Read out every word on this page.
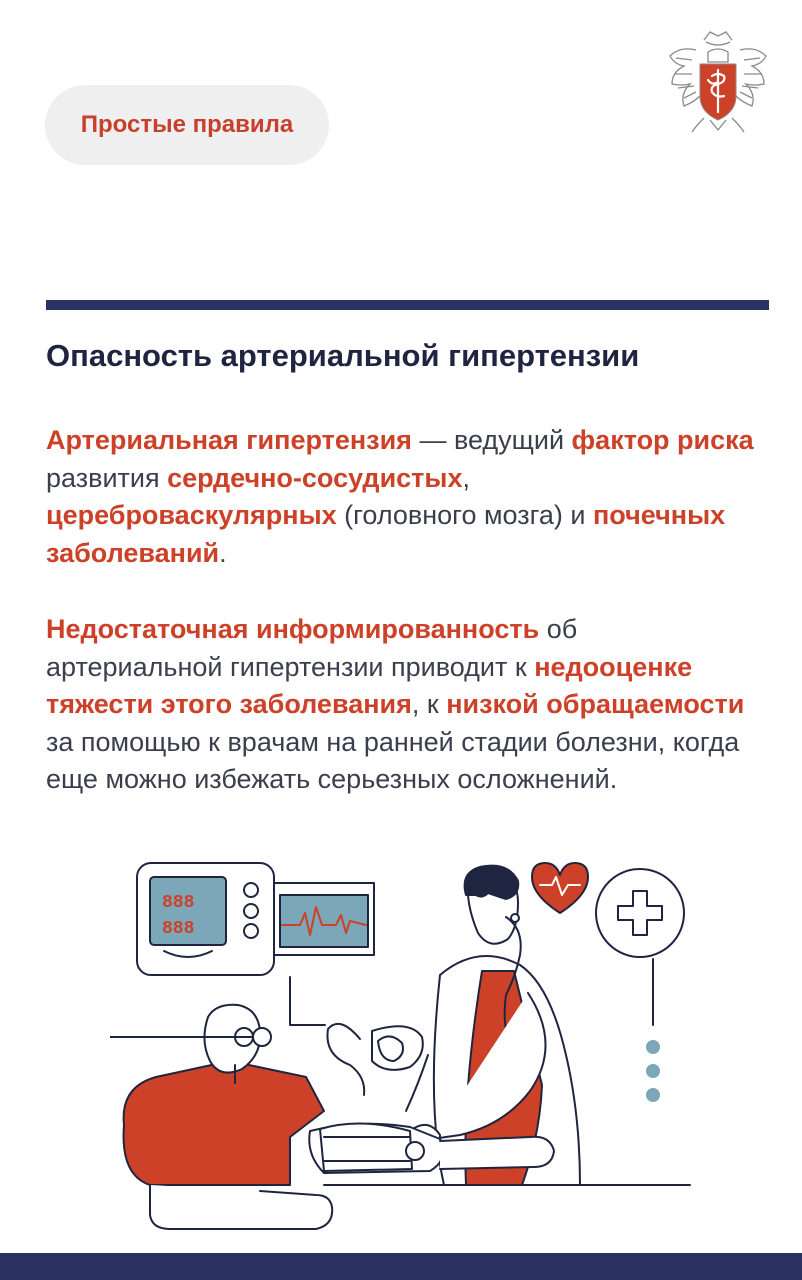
Простые правила
Опасность артериальной гипертензии

Артериальная гипертензия — ведущий фактор риска развития сердечно-сосудистых,
цереброваскулярных (головного мозга) и почечных заболеваний.

Недостаточная информированность об артериальной гипертензии приводит к недооценке тяжести этого заболевания, к низкой обращаемости за помощью к врачам на ранней стадии болезни, когда еще можно избежать серьезных осложнений.

888
888
